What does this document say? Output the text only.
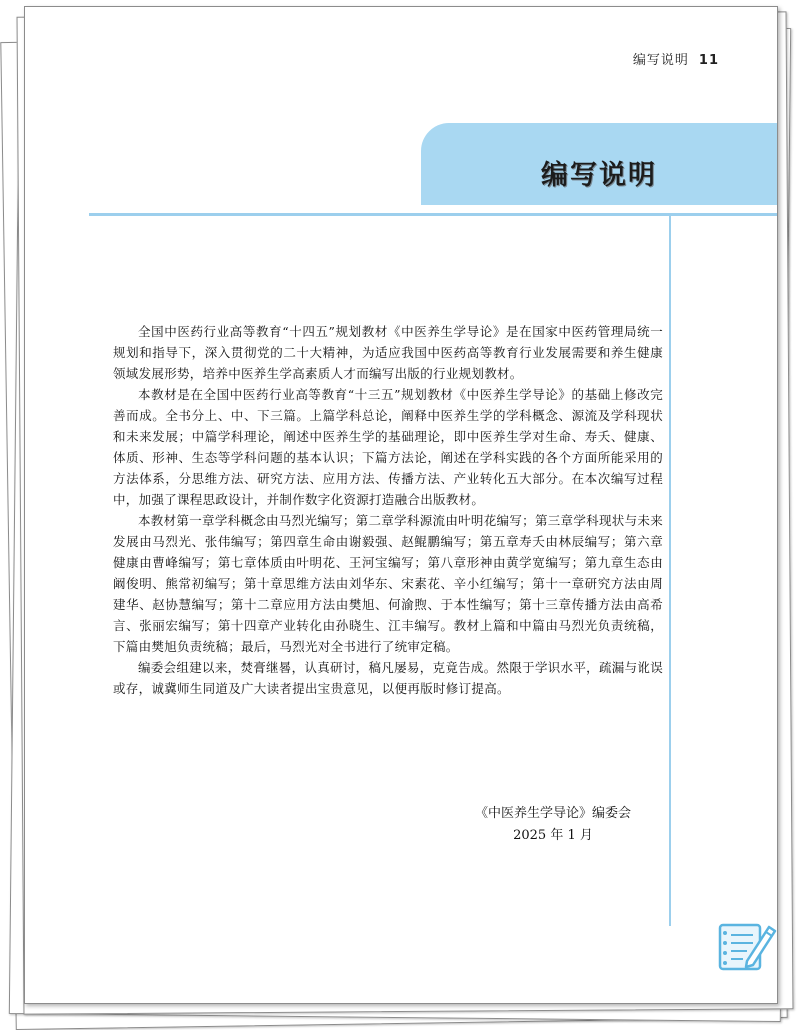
编写说明 11
编写说明

全国中医药行业高等教育“十四五”规划教材《中医养生学导论》是在国家中医药管理局统一规划和指导下，深入贯彻党的二十大精神，为适应我国中医药高等教育行业发展需要和养生健康领域发展形势，培养中医养生学高素质人才而编写出版的行业规划教材。

本教材是在全国中医药行业高等教育“十三五”规划教材《中医养生学导论》的基础上修改完善而成。全书分上、中、下三篇。上篇学科总论，阐释中医养生学的学科概念、源流及学科现状和未来发展；中篇学科理论，阐述中医养生学的基础理论，即中医养生学对生命、寿夭、健康、体质、形神、生态等学科问题的基本认识；下篇方法论，阐述在学科实践的各个方面所能采用的方法体系，分思维方法、研究方法、应用方法、传播方法、产业转化五大部分。在本次编写过程中，加强了课程思政设计，并制作数字化资源打造融合出版教材。

本教材第一章学科概念由马烈光编写；第二章学科源流由叶明花编写；第三章学科现状与未来发展由马烈光、张伟编写；第四章生命由谢毅强、赵鲲鹏编写；第五章寿夭由林辰编写；第六章健康由曹峰编写；第七章体质由叶明花、王河宝编写；第八章形神由黄学宽编写；第九章生态由阚俊明、熊常初编写；第十章思维方法由刘华东、宋素花、辛小红编写；第十一章研究方法由周建华、赵协慧编写；第十二章应用方法由樊旭、何渝煦、于本性编写；第十三章传播方法由高希言、张丽宏编写；第十四章产业转化由孙晓生、江丰编写。教材上篇和中篇由马烈光负责统稿，下篇由樊旭负责统稿；最后，马烈光对全书进行了统审定稿。

编委会组建以来，焚膏继晷，认真研讨，稿凡屡易，克竟告成。然限于学识水平，疏漏与讹误或存，诚冀师生同道及广大读者提出宝贵意见，以便再版时修订提高。

《中医养生学导论》编委会
2025 年 1 月
